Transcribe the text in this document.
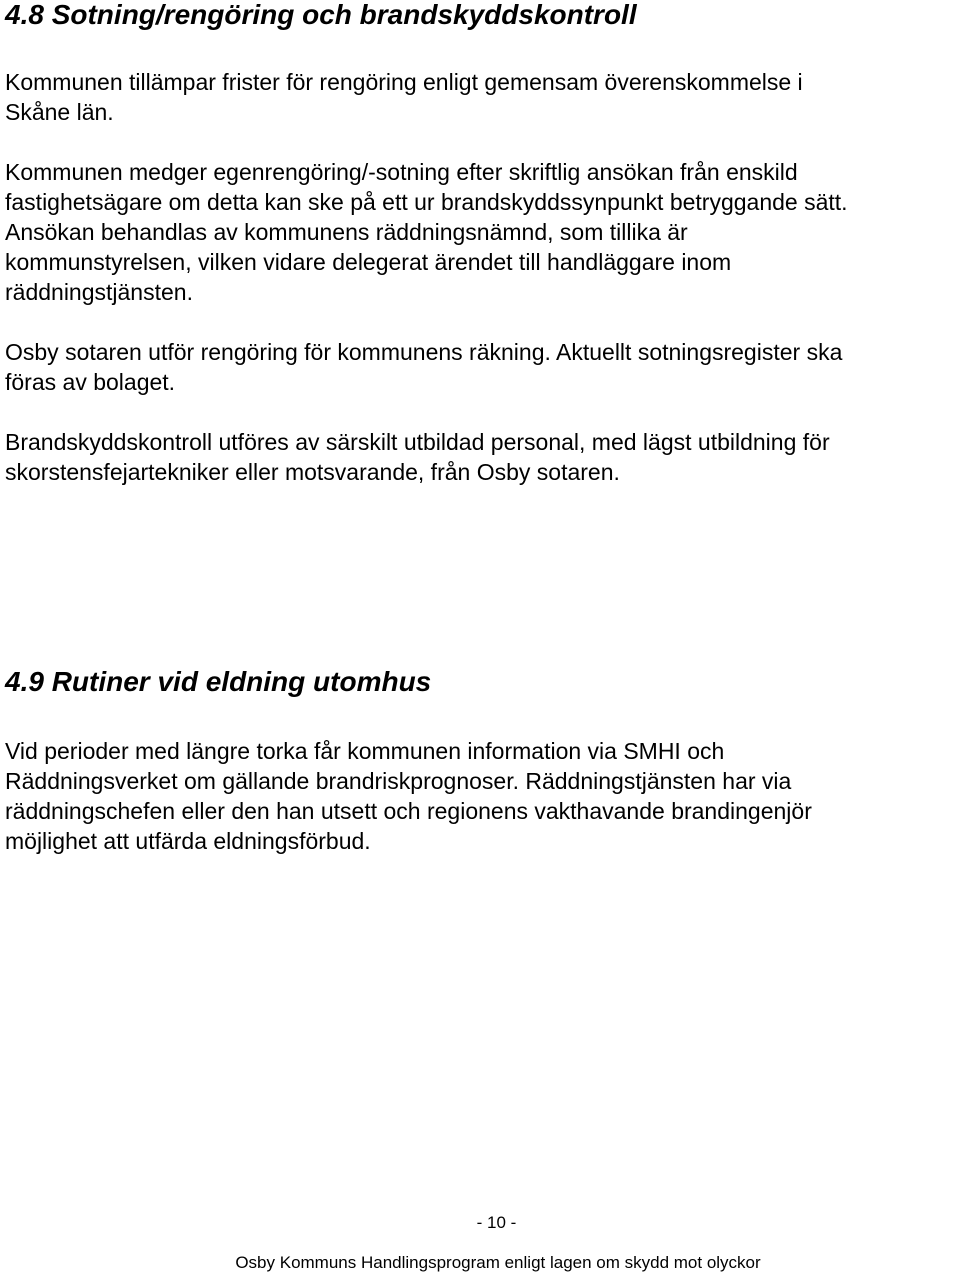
4.8 Sotning/rengöring och brandskyddskontroll

Kommunen tillämpar frister för rengöring enligt gemensam överenskommelse i
Skåne län.

Kommunen medger egenrengöring/-sotning efter skriftlig ansökan från enskild
fastighetsägare om detta kan ske på ett ur brandskyddssynpunkt betryggande sätt.
Ansökan behandlas av kommunens räddningsnämnd, som tillika är
kommunstyrelsen, vilken vidare delegerat ärendet till handläggare inom
räddningstjänsten.

Osby sotaren utför rengöring för kommunens räkning. Aktuellt sotningsregister ska
föras av bolaget.

Brandskyddskontroll utföres av särskilt utbildad personal, med lägst utbildning för
skorstensfejartekniker eller motsvarande, från Osby sotaren.

4.9 Rutiner vid eldning utomhus

Vid perioder med längre torka får kommunen information via SMHI och
Räddningsverket om gällande brandriskprognoser. Räddningstjänsten har via
räddningschefen eller den han utsett och regionens vakthavande brandingenjör
möjlighet att utfärda eldningsförbud.

- 10 -
Osby Kommuns Handlingsprogram enligt lagen om skydd mot olyckor
